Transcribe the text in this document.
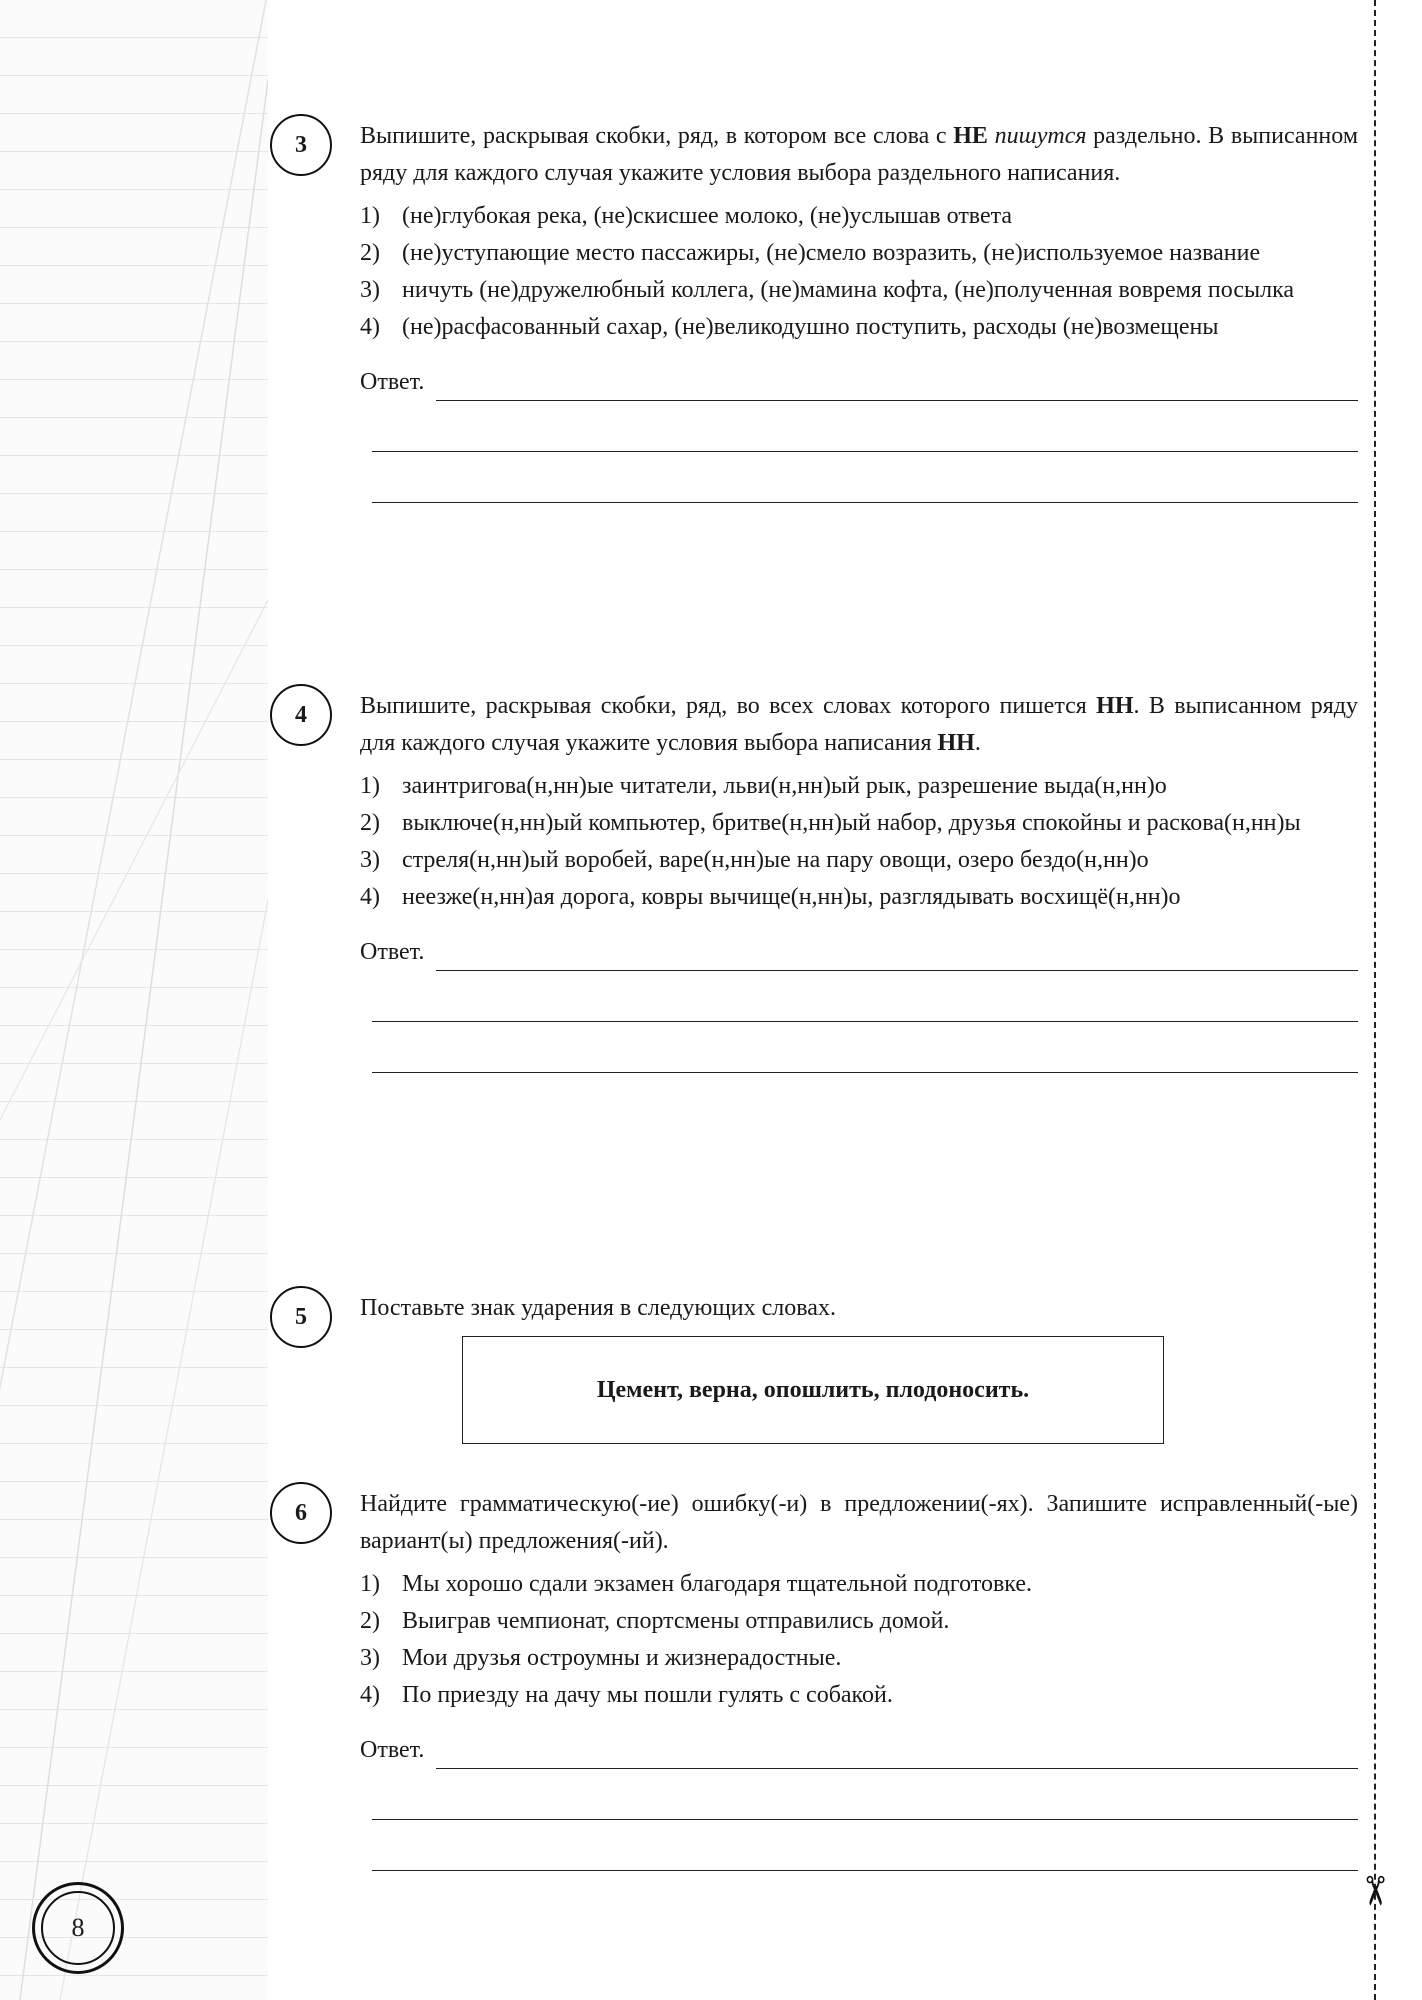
✂
3	Выпишите, раскрывая скобки, ряд, в котором все слова с НЕ пишутся раздельно. В выписанном ряду для каждого случая укажите условия выбора раздельного написания.

1) (не)глубокая река, (не)скисшее молоко, (не)услышав ответа
2) (не)уступающие место пассажиры, (не)смело возразить, (не)используемое название
3) ничуть (не)дружелюбный коллега, (не)мамина кофта, (не)полученная вовремя посылка
4) (не)расфасованный сахар, (не)великодушно поступить, расходы (не)возмещены
Ответ.
4	Выпишите, раскрывая скобки, ряд, во всех словах которого пишется НН. В выписанном ряду для каждого случая укажите условия выбора написания НН.

1) заинтригова(н,нн)ые читатели, льви(н,нн)ый рык, разрешение выда(н,нн)о
2) выключе(н,нн)ый компьютер, бритве(н,нн)ый набор, друзья спокойны и раскова(н,нн)ы
3) стреля(н,нн)ый воробей, варе(н,нн)ые на пару овощи, озеро бездо(н,нн)о
4) неезже(н,нн)ая дорога, ковры вычище(н,нн)ы, разглядывать восхищё(н,нн)о
Ответ.
5	Поставьте знак ударения в следующих словах.

Цемент, верна, опошлить, плодоносить.
6	Найдите грамматическую(-ие) ошибку(-и) в предложении(-ях). Запишите исправленный(-ые) вариант(ы) предложения(-ий).

1) Мы хорошо сдали экзамен благодаря тщательной подготовке.
2) Выиграв чемпионат, спортсмены отправились домой.
3) Мои друзья остроумны и жизнерадостные.
4) По приезду на дачу мы пошли гулять с собакой.
Ответ.
8
